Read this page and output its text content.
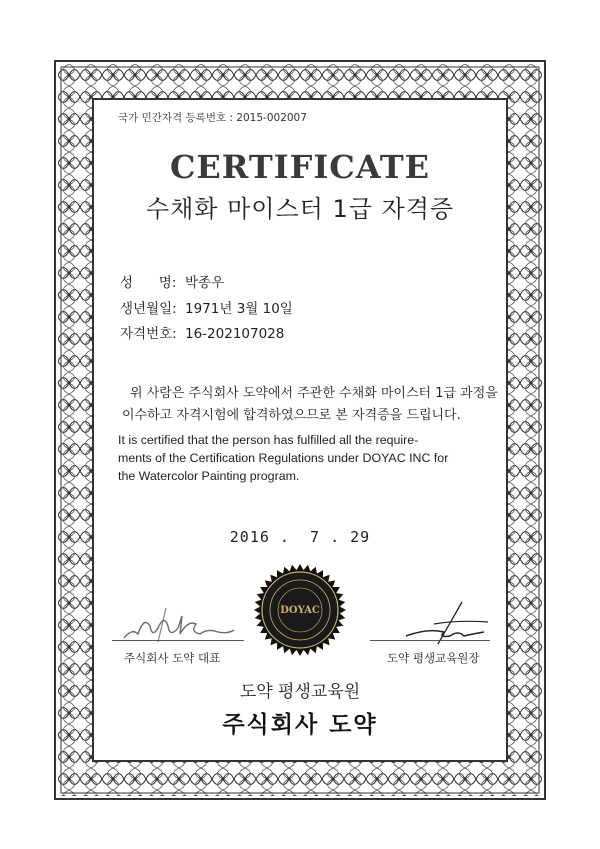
국가 민간자격 등록번호 : 2015-002007
CERTIFICATE
수채화 마이스터 1급 자격증
성      명: 박종우
생년월일: 1971년 3월 10일
자격번호: 16-202107028
위 사람은 주식회사 도약에서 주관한 수채화 마이스터 1급 과정을
이수하고 자격시험에 합격하였으므로 본 자격증을 드립니다.
It is certified that the person has fulfilled all the require-
ments of the Certification Regulations under DOYAC INC for
the Watercolor Painting program.
2016 .  7 . 29
주식회사 도약 대표	도약 평생교육원장
DOYAC
도약 평생교육원
주식회사 도약
